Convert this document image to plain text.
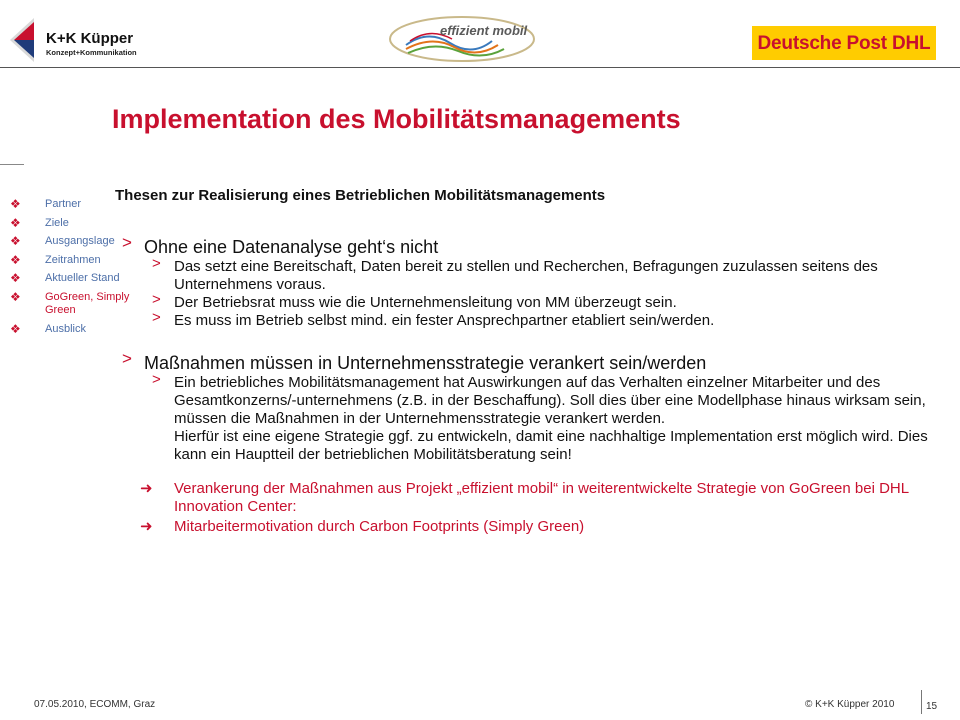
K+K Küpper
Konzept+Kommunikation
effizient mobil
Deutsche Post DHL
Implementation des Mobilitätsmanagements
❖ Partner
❖ Ziele
❖ Ausgangslage
❖ Zeitrahmen
❖ Aktueller Stand
❖ GoGreen, Simply Green
❖ Ausblick
Thesen zur Realisierung eines Betrieblichen Mobilitätsmanagements
> Ohne eine Datenanalyse geht‘s nicht
> Das setzt eine Bereitschaft, Daten bereit zu stellen und Recherchen, Befragungen zuzulassen seitens des Unternehmens voraus.
> Der Betriebsrat muss wie die Unternehmensleitung von MM überzeugt sein.
> Es muss im Betrieb selbst mind. ein fester Ansprechpartner etabliert sein/werden.
> Maßnahmen müssen in Unternehmensstrategie verankert sein/werden
> Ein betriebliches Mobilitätsmanagement hat Auswirkungen auf das Verhalten einzelner Mitarbeiter und des Gesamtkonzerns/-unternehmens (z.B. in der Beschaffung). Soll dies über eine Modellphase hinaus wirksam sein, müssen die Maßnahmen in der Unternehmensstrategie verankert werden.
Hierfür ist eine eigene Strategie ggf. zu entwickeln, damit eine nachhaltige Implementation erst möglich wird. Dies kann ein Hauptteil der betrieblichen Mobilitätsberatung sein!
➜ Verankerung der Maßnahmen aus Projekt „effizient mobil“ in weiterentwickelte Strategie von GoGreen bei DHL Innovation Center:
➜ Mitarbeitermotivation durch Carbon Footprints (Simply Green)
07.05.2010, ECOMM, Graz	© K+K Küpper 2010	15
